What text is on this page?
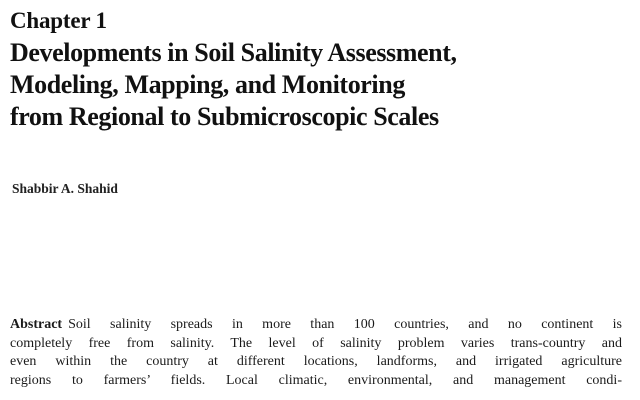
Chapter 1
Developments in Soil Salinity Assessment,
Modeling, Mapping, and Monitoring
from Regional to Submicroscopic Scales

Shabbir A. Shahid

Abstract Soil salinity spreads in more than 100 countries, and no continent is
completely free from salinity. The level of salinity problem varies trans-country and
even within the country at different locations, landforms, and irrigated agriculture
regions to farmers’ fields. Local climatic, environmental, and management condi-
